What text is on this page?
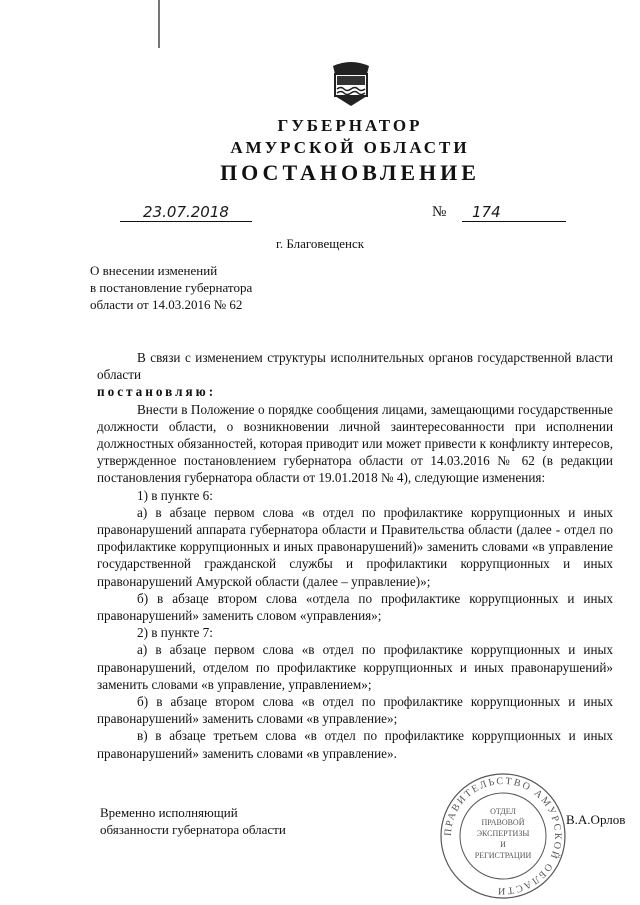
ГУБЕРНАТОР
АМУРСКОЙ ОБЛАСТИ
ПОСТАНОВЛЕНИЕ
23.07.2018	№	174
г. Благовещенск
О внесении изменений
в постановление губернатора
области от 14.03.2016 № 62

В связи с изменением структуры исполнительных органов государственной власти области

постановляю:

Внести в Положение о порядке сообщения лицами, замещающими государственные должности области, о возникновении личной заинтересованности при исполнении должностных обязанностей, которая приводит или может привести к конфликту интересов, утвержденное постановлением губернатора области от 14.03.2016 № 62 (в редакции постановления губернатора области от 19.01.2018 № 4), следующие изменения:

1) в пункте 6:

а) в абзаце первом слова «в отдел по профилактике коррупционных и иных правонарушений аппарата губернатора области и Правительства области (далее - отдел по профилактике коррупционных и иных правонарушений)» заменить словами «в управление государственной гражданской службы и профилактики коррупционных и иных правонарушений Амурской области (далее – управление)»;

б) в абзаце втором слова «отдела по профилактике коррупционных и иных правонарушений» заменить словом «управления»;

2) в пункте 7:

а) в абзаце первом слова «в отдел по профилактике коррупционных и иных правонарушений, отделом по профилактике коррупционных и иных правонарушений» заменить словами «в управление, управлением»;

б) в абзаце втором слова «в отдел по профилактике коррупционных и иных правонарушений» заменить словами «в управление»;

в) в абзаце третьем слова «в отдел по профилактике коррупционных и иных правонарушений» заменить словами «в управление».

Временно исполняющий
обязанности губернатора области	ПРАВИТЕЛЬСТВО АМУРСКОЙ ОБЛАСТИ
ОТДЕЛ
ПРАВОВОЙ
ЭКСПЕРТИЗЫ
И
РЕГИСТРАЦИИ
В.А.Орлов
